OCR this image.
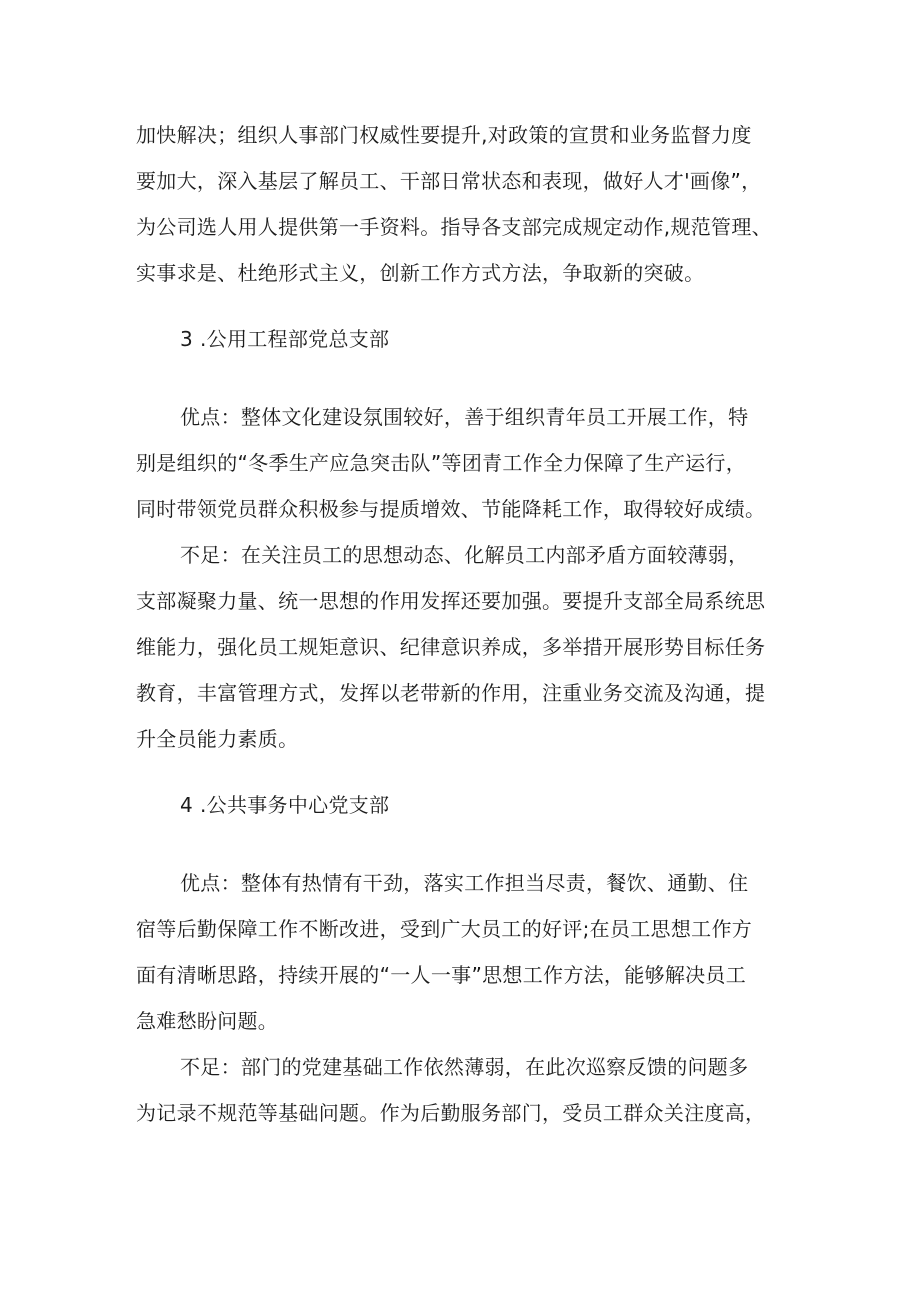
加快解决；组织人事部门权威性要提升,对政策的宣贯和业务监督力度
要加大，深入基层了解员工、干部日常状态和表现，做好人才'画像”，
为公司选人用人提供第一手资料。指导各支部完成规定动作,规范管理、
实事求是、杜绝形式主义，创新工作方式方法，争取新的突破。
3 .公用工程部党总支部
优点：整体文化建设氛围较好，善于组织青年员工开展工作，特
别是组织的“冬季生产应急突击队”等团青工作全力保障了生产运行，
同时带领党员群众积极参与提质增效、节能降耗工作，取得较好成绩。
不足：在关注员工的思想动态、化解员工内部矛盾方面较薄弱，
支部凝聚力量、统一思想的作用发挥还要加强。要提升支部全局系统思
维能力，强化员工规矩意识、纪律意识养成，多举措开展形势目标任务
教育，丰富管理方式，发挥以老带新的作用，注重业务交流及沟通，提
升全员能力素质。
4 .公共事务中心党支部
优点：整体有热情有干劲，落实工作担当尽责，餐饮、通勤、住
宿等后勤保障工作不断改进，受到广大员工的好评;在员工思想工作方
面有清晰思路，持续开展的“一人一事”思想工作方法，能够解决员工
急难愁盼问题。
不足：部门的党建基础工作依然薄弱，在此次巡察反馈的问题多
为记录不规范等基础问题。作为后勤服务部门，受员工群众关注度高，
